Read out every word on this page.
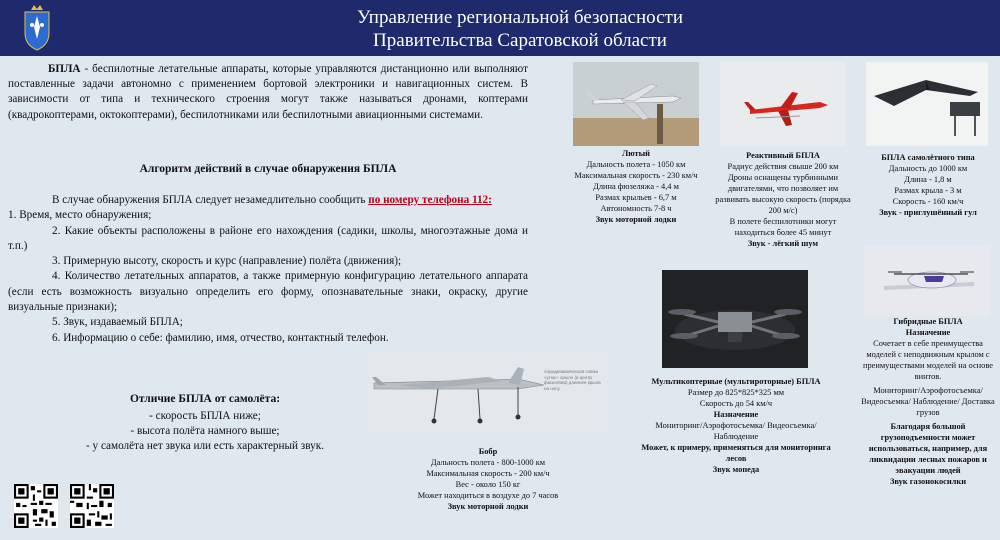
Управление региональной безопасности
Правительства Саратовской области

БПЛА - беспилотные летательные аппараты, которые управляются дистанционно или выполняют поставленные задачи автономно с применением бортовой электроники и навигационных систем. В зависимости от типа и технического строения могут также называться дронами, коптерами (квадрокоптерами, октокоптерами), беспилотниками или беспилотными авиационными системами.

Алгоритм действий в случае обнаружения БПЛА

В случае обнаружения БПЛА следует незамедлительно сообщить по номеру телефона 112:

1. Время, место обнаружения;

2. Какие объекты расположены в районе его нахождения (садики, школы, многоэтажные дома и т.п.)

3. Примерную высоту, скорость и курс (направление) полёта (движения);

4. Количество летательных аппаратов, а также примерную конфигурацию летательного аппарата (если есть возможность визуально определить его форму, опознавательные знаки, окраску, другие визуальные признаки);

5. Звук, издаваемый БПЛА;

6. Информацию о себе: фамилию, имя, отчество, контактный телефон.

Отличие БПЛА от самолёта:
- скорость БПЛА ниже;
- высота полёта намного выше;
- у самолёта нет звука или есть характерный звук.
Аэродинамическая схема «утка»: крыло (и центр фюзеляжа) длиннее крыла на носу
Лютый
Дальность полета - 1050 км
Максимальная скорость - 230 км/ч
Длина фюзеляжа - 4,4 м
Размах крыльев - 6,7 м
Автономность 7-8 ч
Звук моторной лодки
Реактивный БПЛА
Радиус действия свыше 200 км
Дроны оснащены турбинными двигателями, что позволяет им развивать высокую скорость (порядка 200 м/с)
В полете беспилотники могут находиться более 45 минут
Звук - лёгкий шум
БПЛА самолётного типа
Дальность до 1000 км
Длина - 1,8 м
Размах крыла - 3 м
Скорость - 160 км/ч
Звук - приглушённый гул
Гибридные БПЛА
Назначение
Сочетает в себе преимущества моделей с неподвижным крылом с преимуществами моделей на основе винтов.
Мониторинг/Аэрофотосъемка/ Видеосъемка/ Наблюдение/ Доставка грузов
Благодаря большой грузоподъемности может использоваться, например, для ликвидации лесных пожаров и эвакуации людей
Звук газонокосилки
Мультикоптерные (мультироторные) БПЛА
Размер до 825*825*325 мм
Скорость до 54 км/ч
Назначение
Мониторинг/Аэрофотосъемка/ Видеосъемка/ Наблюдение
Может, к примеру, применяться для мониторинга лесов
Звук мопеда
Бобр
Дальность полета - 800-1000 км
Максимальная скорость - 200 км/ч
Вес - около 150 кг
Может находиться в воздухе до 7 часов
Звук моторной лодки
